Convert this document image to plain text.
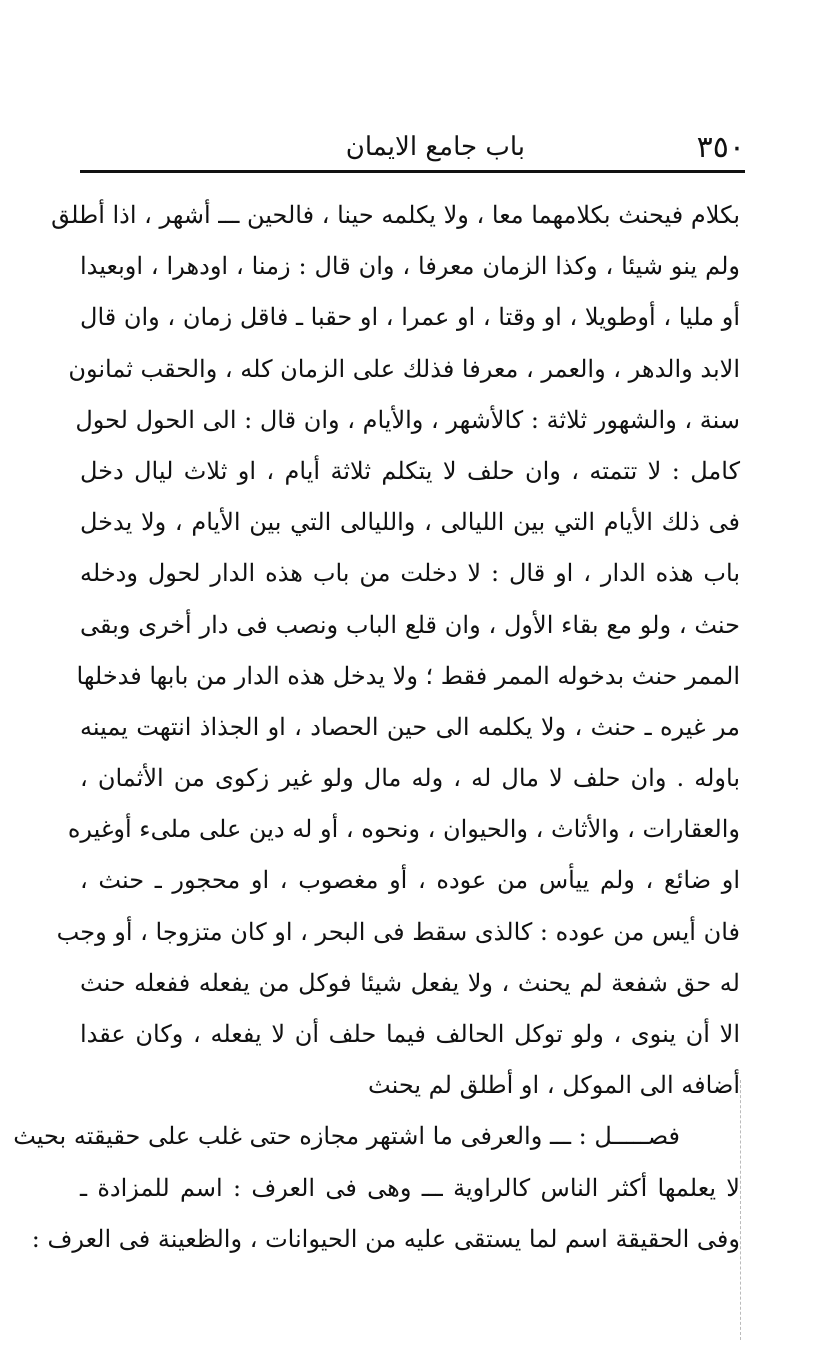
٣٥٠
باب جامع الايمان
بكلام فيحنث بكلامهما معا ، ولا يكلمه حينا ، فالحين ـــ أشهر ، اذا أطلق
ولم ينو شيئا ، وكذا الزمان معرفا ، وان قال : زمنا ، اودهرا ، اوبعيدا
أو مليا ، أوطويلا ، او وقتا ، او عمرا ، او حقبا ـ فاقل زمان ، وان قال
الابد والدهر ، والعمر ، معرفا فذلك على الزمان كله ، والحقب ثمانون
سنة ، والشهور ثلاثة : كالأشهر ، والأيام ، وان قال : الى الحول لحول
كامل : لا تتمته ، وان حلف لا يتكلم ثلاثة أيام ، او ثلاث ليال دخل
فى ذلك الأيام التي بين الليالى ، والليالى التي بين الأيام ، ولا يدخل
باب هذه الدار ، او قال : لا دخلت من باب هذه الدار لحول ودخله
حنث ، ولو مع بقاء الأول ، وان قلع الباب ونصب فى دار أخرى وبقى
الممر حنث بدخوله الممر فقط ؛ ولا يدخل هذه الدار من بابها فدخلها
مر غيره ـ حنث ، ولا يكلمه الى حين الحصاد ، او الجذاذ انتهت يمينه
باوله . وان حلف لا مال له ، وله مال ولو غير زكوى من الأثمان ،
والعقارات ، والأثاث ، والحيوان ، ونحوه ، أو له دين على ملىء أوغيره
او ضائع ، ولم ييأس من عوده ، أو مغصوب ، او محجور ـ حنث ،
فان أيس من عوده : كالذى سقط فى البحر ، او كان متزوجا ، أو وجب
له حق شفعة لم يحنث ، ولا يفعل شيئا فوكل من يفعله ففعله حنث
الا أن ينوى ، ولو توكل الحالف فيما حلف أن لا يفعله ، وكان عقدا
أضافه الى الموكل ، او أطلق لم يحنث
فصـــــل : ـــ والعرفى ما اشتهر مجازه حتى غلب على حقيقته بحيث
لا يعلمها أكثر الناس كالراوية ـــ وهى فى العرف : اسم للمزادة ـ
وفى الحقيقة اسم لما يستقى عليه من الحيوانات ، والظعينة فى العرف :
